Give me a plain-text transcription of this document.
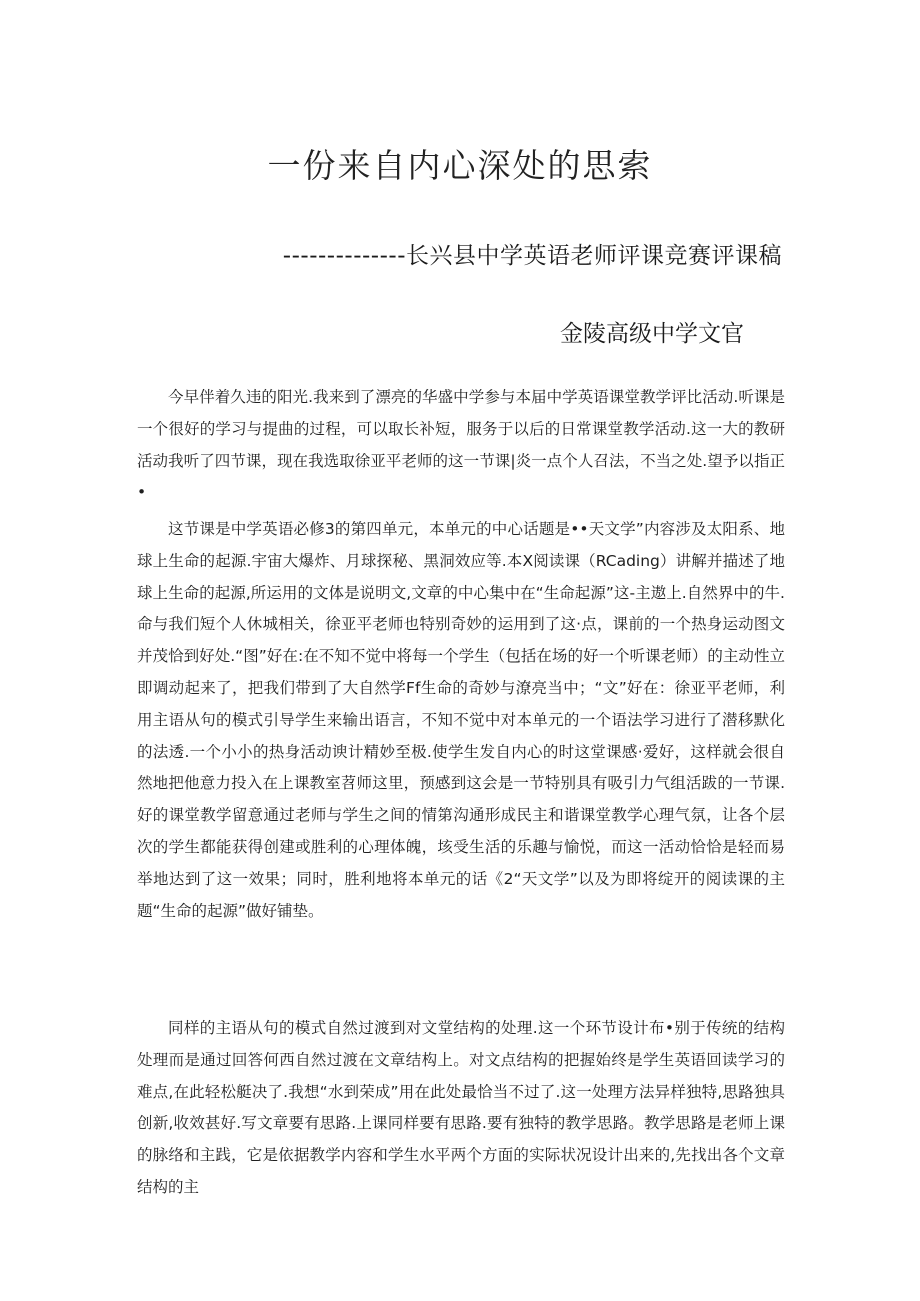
一份来自内心深处的思索
--------------长兴县中学英语老师评课竞赛评课稿
金陵高级中学文官

今早伴着久违的阳光.我来到了漂亮的华盛中学参与本届中学英语课堂教学评比活动.听课是一个很好的学习与提曲的过程，可以取长补短，服务于以后的日常课堂教学活动.这一大的教研活动我听了四节课，现在我选取徐亚平老师的这一节课|炎一点个人召法，不当之处.望予以指正•

这节课是中学英语必修3的第四单元，本单元的中心话题是••天文学”内容涉及太阳系、地球上生命的起源.宇宙大爆炸、月球探秘、黑洞效应等.本X阅读课（RCading）讲解并描述了地球上生命的起源,所运用的文体是说明文,文章的中心集中在“生命起源”这-主遨上.自然界中的牛.命与我们短个人休城相关，徐亚平老师也特别奇妙的运用到了这·点，课前的一个热身运动图文并茂恰到好处.“图”好在:在不知不觉中将每一个学生（包括在场的好一个听课老师）的主动性立即调动起来了，把我们带到了大自然学Ff生命的奇妙与潦亮当中；“文”好在：徐亚平老师，利用主语从句的模式引导学生来输出语言，不知不觉中对本单元的一个语法学习进行了潜移默化的法透.一个小小的热身活动谀计精妙至极.使学生发自内心的时这堂课感·爱好，这样就会很自然地把他意力投入在上课教室苕师这里，预感到这会是一节特别具有吸引力气组活跋的一节课.好的课堂教学留意通过老师与学生之间的情第沟通形成民主和谐课堂教学心理气氛，让各个层次的学生都能获得创建或胜利的心理体魄，垓受生活的乐趣与愉悦，而这一活动恰恰是轻而易举地达到了这一效果；同时，胜利地将本单元的话《2“天文学”以及为即将绽开的阅读课的主题“生命的起源”做好铺垫。

同样的主语从句的模式自然过渡到对文堂结构的处理.这一个环节设计布•别于传统的结构处理而是通过回答何西自然过渡在文章结构上。对文点结构的把握始终是学生英语回读学习的难点,在此轻松艇决了.我想“水到荣成”用在此处最恰当不过了.这一处理方法异样独特,思路独具创新,收效甚好.写文章要有思路.上课同样要有思路.要有独特的教学思路。教学思路是老师上课的脉络和主践，它是依据教学内容和学生水平两个方面的实际状况设计出来的,先找出各个文章结构的主
